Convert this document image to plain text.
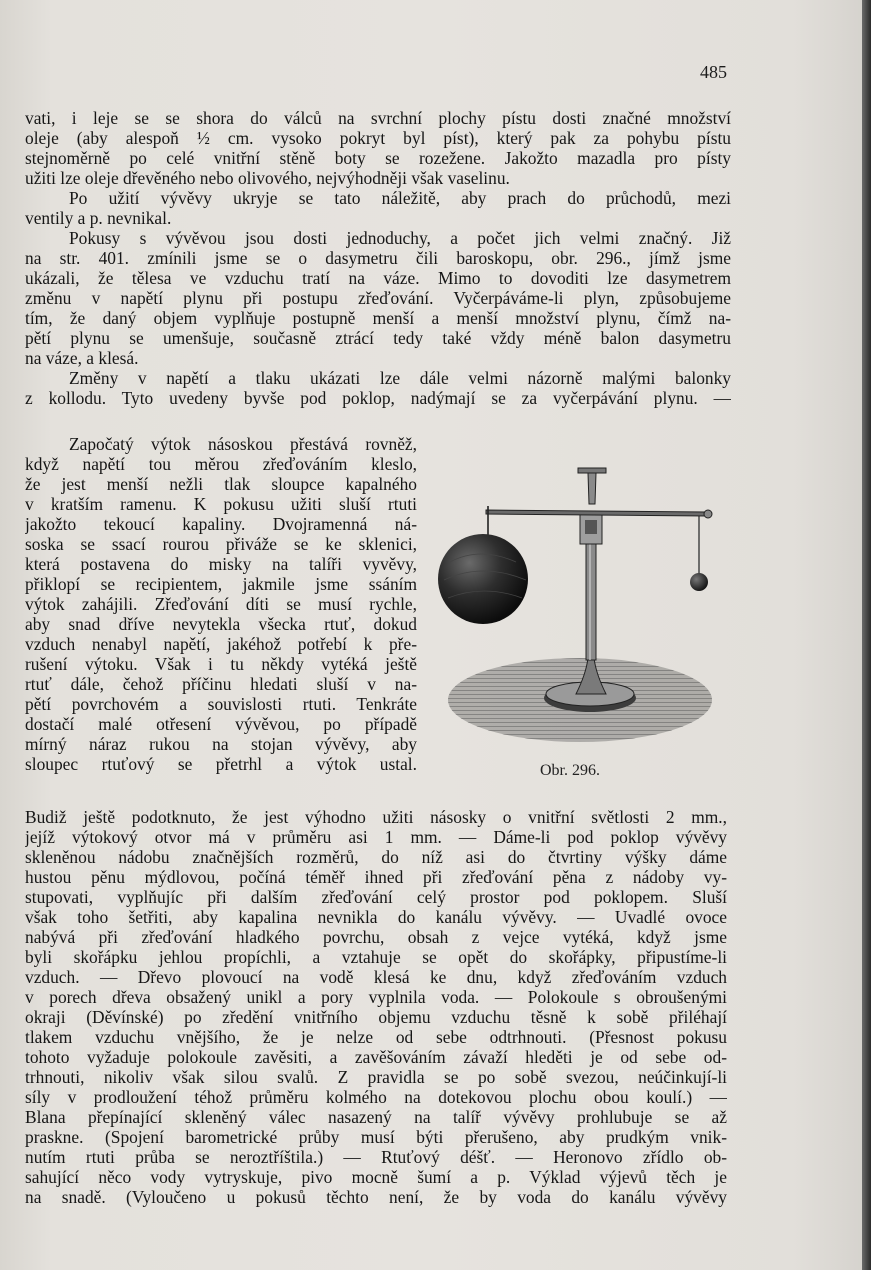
485
vati, i leje se se shora do válců na svrchní plochy pístu dosti značné množství
oleje (aby alespoň ½ cm. vysoko pokryt byl píst), který pak za pohybu pístu
stejnoměrně po celé vnitřní stěně boty se rozežene. Jakožto mazadla pro písty
užiti lze oleje dřevěného nebo olivového, nejvýhodněji však vaselinu.
Po užití vývěvy ukryje se tato náležitě, aby prach do průchodů, mezi
ventily a p. nevnikal.
Pokusy s vývěvou jsou dosti jednoduchy, a počet jich velmi značný. Již
na str. 401. zmínili jsme se o dasymetru čili baroskopu, obr. 296., jímž jsme
ukázali, že tělesa ve vzduchu tratí na váze. Mimo to dovoditi lze dasymetrem
změnu v napětí plynu při postupu zřeďování. Vyčerpáváme-li plyn, způsobujeme
tím, že daný objem vyplňuje postupně menší a menší množství plynu, čímž na-
pětí plynu se umenšuje, současně ztrácí tedy také vždy méně balon dasymetru
na váze, a klesá.
Změny v napětí a tlaku ukázati lze dále velmi názorně malými balonky
z kollodu. Tyto uvedeny byvše pod poklop, nadýmají se za vyčerpávání plynu. —
Započatý výtok násoskou přestává rovněž,
když napětí tou měrou zřeďováním kleslo,
že jest menší nežli tlak sloupce kapalného
v kratším ramenu. K pokusu užiti sluší rtuti
jakožto tekoucí kapaliny. Dvojramenná ná-
soska se ssací rourou přiváže se ke sklenici,
která postavena do misky na talíři vyvěvy,
přiklopí se recipientem, jakmile jsme ssáním
výtok zahájili. Zřeďování díti se musí rychle,
aby snad dříve nevytekla všecka rtuť, dokud
vzduch nenabyl napětí, jakéhož potřebí k pře-
rušení výtoku. Však i tu někdy vytéká ještě
rtuť dále, čehož příčinu hledati sluší v na-
pětí povrchovém a souvislosti rtuti. Tenkráte
dostačí malé otřesení vývěvou, po případě
mírný náraz rukou na stojan vývěvy, aby
sloupec rtuťový se přetrhl a výtok ustal.	Obr. 296.
Budiž ještě podotknuto, že jest výhodno užiti násosky o vnitřní světlosti 2 mm.,
jejíž výtokový otvor má v průměru asi 1 mm. — Dáme-li pod poklop vývěvy
skleněnou nádobu značnějších rozměrů, do níž asi do čtvrtiny výšky dáme
hustou pěnu mýdlovou, počíná téměř ihned při zřeďování pěna z nádoby vy-
stupovati, vyplňujíc při dalším zřeďování celý prostor pod poklopem. Sluší
však toho šetřiti, aby kapalina nevnikla do kanálu vývěvy. — Uvadlé ovoce
nabývá při zřeďování hladkého povrchu, obsah z vejce vytéká, když jsme
byli skořápku jehlou propíchli, a vztahuje se opět do skořápky, připustíme-li
vzduch. — Dřevo plovoucí na vodě klesá ke dnu, když zřeďováním vzduch
v porech dřeva obsažený unikl a pory vyplnila voda. — Polokoule s obroušenými
okraji (Děvínské) po zředění vnitřního objemu vzduchu těsně k sobě přiléhají
tlakem vzduchu vnějšího, že je nelze od sebe odtrhnouti. (Přesnost pokusu
tohoto vyžaduje polokoule zavěsiti, a zavěšováním závaží hleděti je od sebe od-
trhnouti, nikoliv však silou svalů. Z pravidla se po sobě svezou, neúčinkují-li
síly v prodloužení téhož průměru kolmého na dotekovou plochu obou koulí.) —
Blana přepínající skleněný válec nasazený na talíř vývěvy prohlubuje se až
praskne. (Spojení barometrické průby musí býti přerušeno, aby prudkým vnik-
nutím rtuti průba se neroztříštila.) — Rtuťový déšť. — Heronovo zřídlo ob-
sahující něco vody vytryskuje, pivo mocně šumí a p. Výklad výjevů těch je
na snadě. (Vyloučeno u pokusů těchto není, že by voda do kanálu vývěvy
